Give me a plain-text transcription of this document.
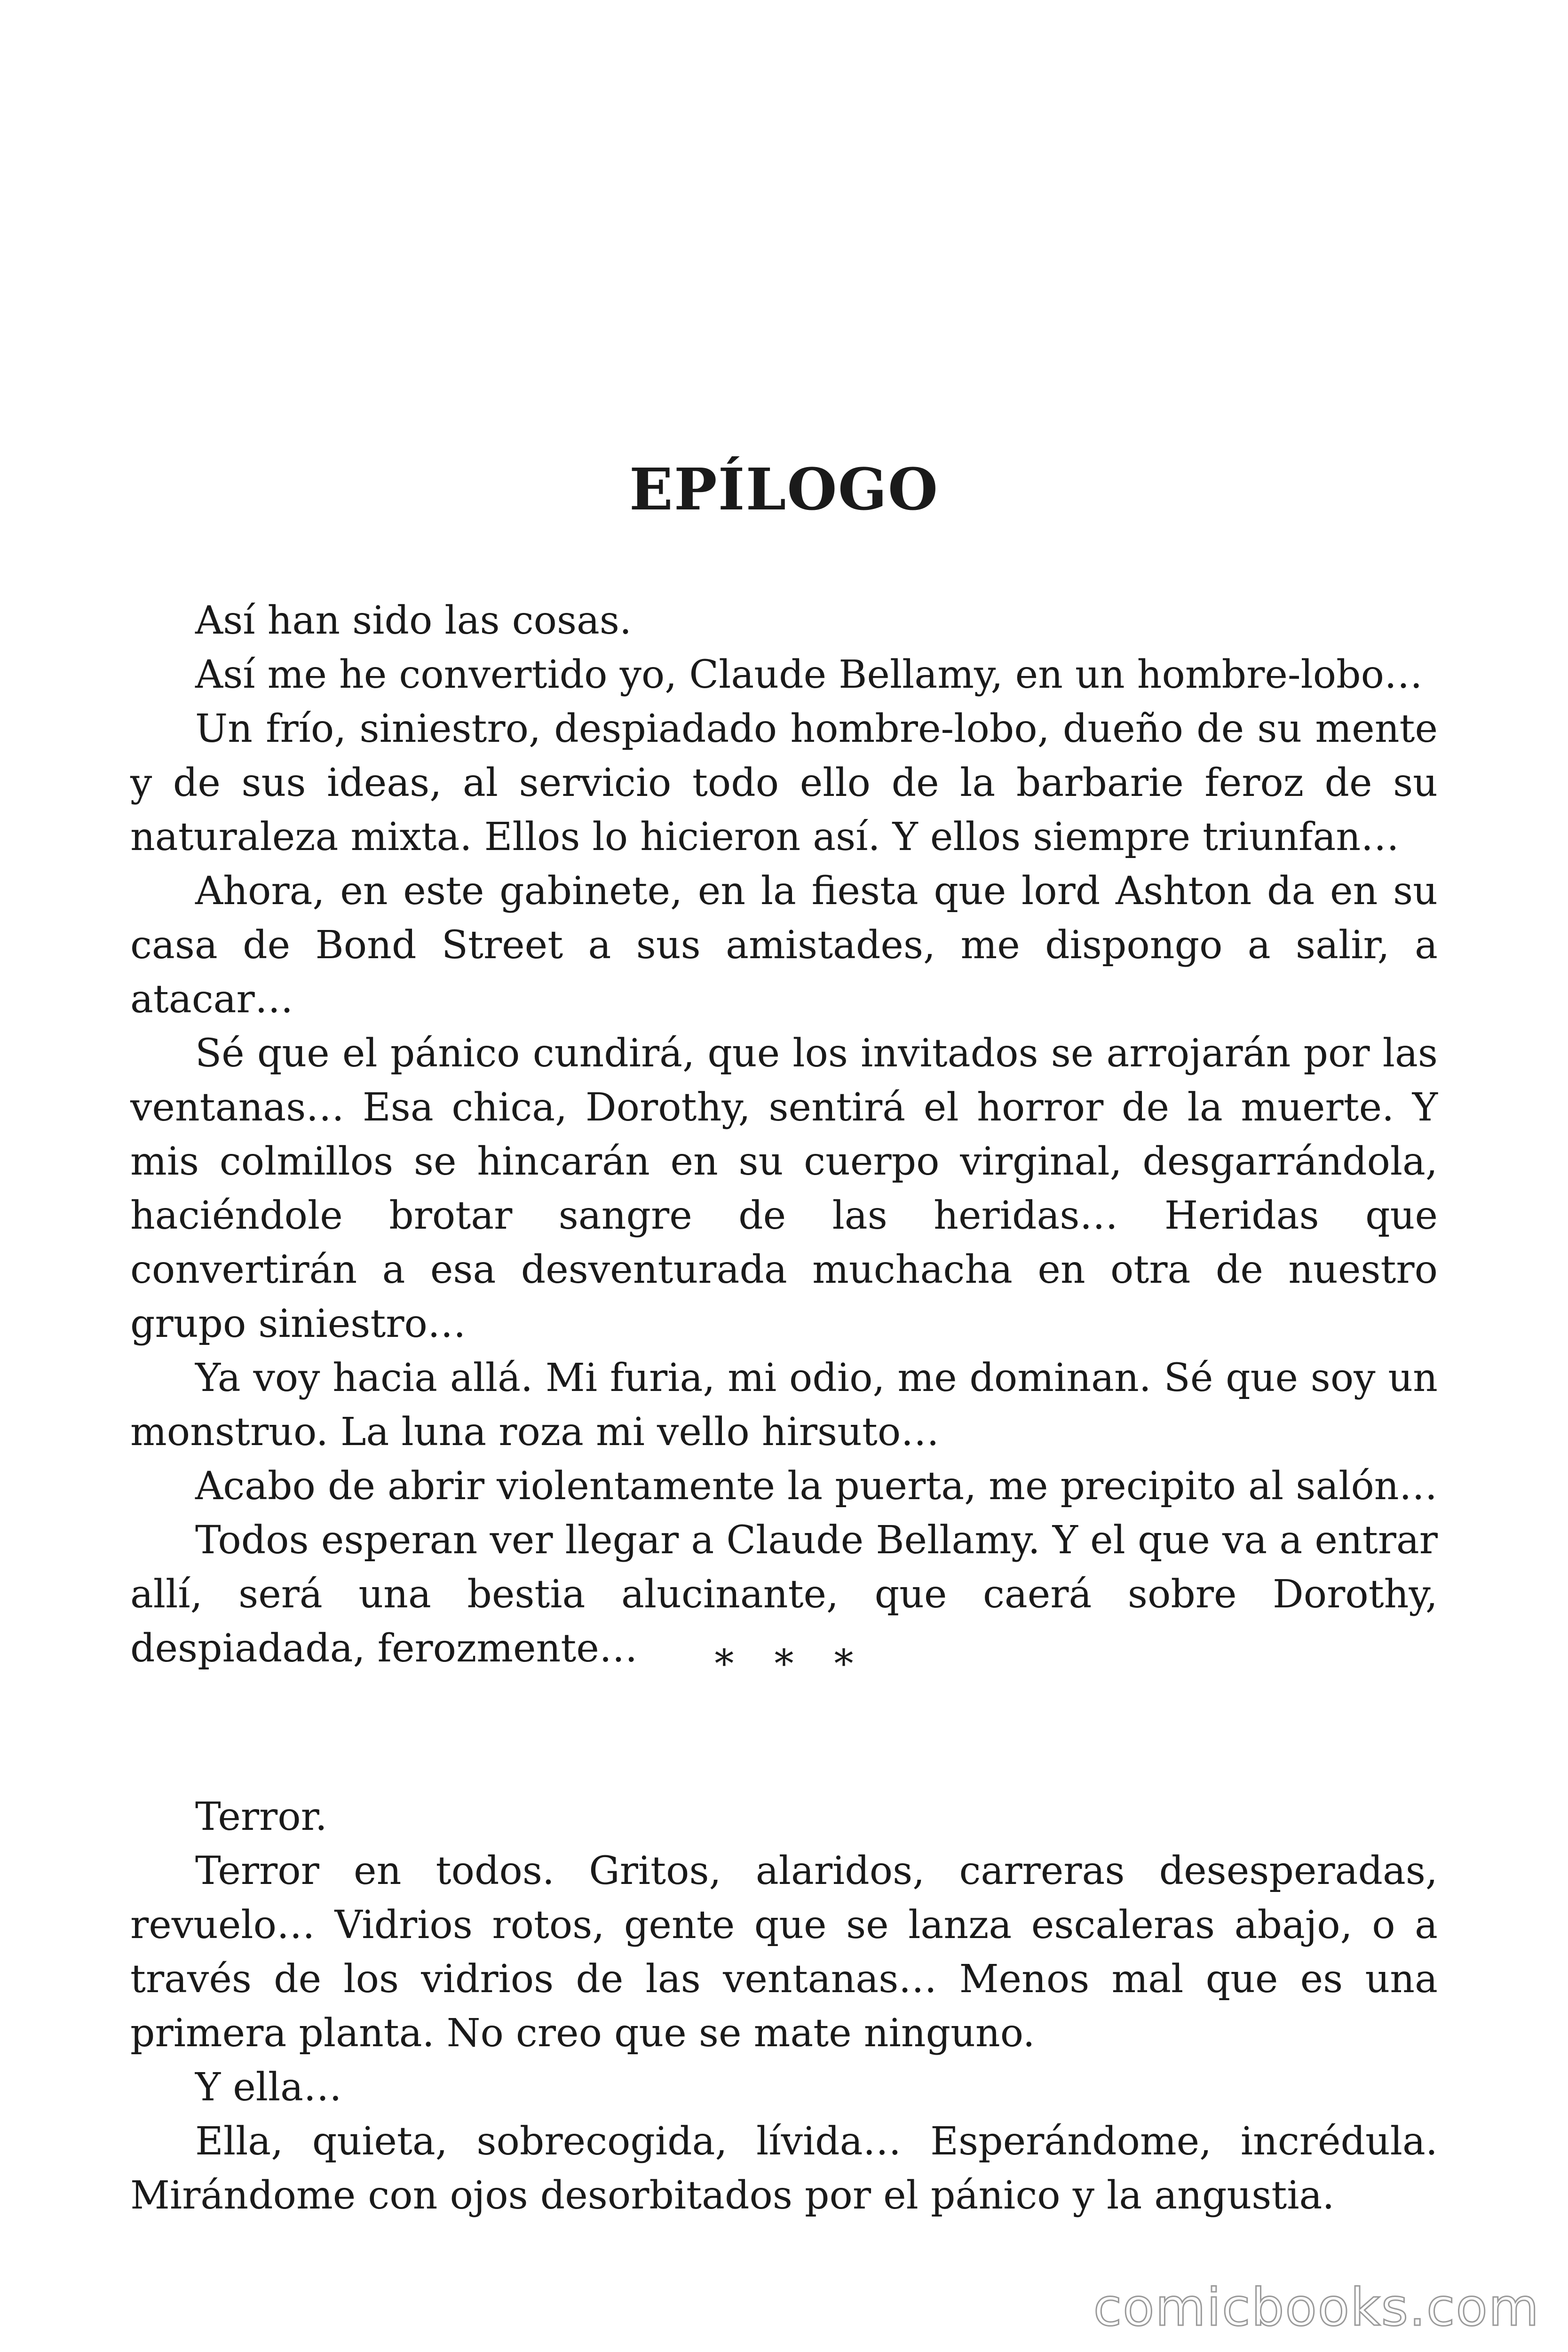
EPÍLOGO

Así han sido las cosas.

Así me he convertido yo, Claude Bellamy, en un hombre-lobo…

Un frío, siniestro, despiadado hombre-lobo, dueño de su mente y de sus ideas, al servicio todo ello de la barbarie feroz de su naturaleza mixta. Ellos lo hicieron así. Y ellos siempre triunfan…

Ahora, en este gabinete, en la fiesta que lord Ashton da en su casa de Bond Street a sus amistades, me dispongo a salir, a atacar…

Sé que el pánico cundirá, que los invitados se arrojarán por las ventanas… Esa chica, Dorothy, sentirá el horror de la muerte. Y mis colmillos se hincarán en su cuerpo virginal, desgarrándola, haciéndole brotar sangre de las heridas… Heridas que convertirán a esa desventurada muchacha en otra de nuestro grupo siniestro…

Ya voy hacia allá. Mi furia, mi odio, me dominan. Sé que soy un monstruo. La luna roza mi vello hirsuto…

Acabo de abrir violentamente la puerta, me precipito al salón…

Todos esperan ver llegar a Claude Bellamy. Y el que va a entrar allí, será una bestia alucinante, que caerá sobre Dorothy, despiadada, ferozmente…	* * *

Terror.

Terror en todos. Gritos, alaridos, carreras desesperadas, revuelo… Vidrios rotos, gente que se lanza escaleras abajo, o a través de los vidrios de las ventanas… Menos mal que es una primera planta. No creo que se mate ninguno.

Y ella…

Ella, quieta, sobrecogida, lívida… Esperándome, incrédula. Mirándome con ojos desorbitados por el pánico y la angustia.

comicbooks.com
